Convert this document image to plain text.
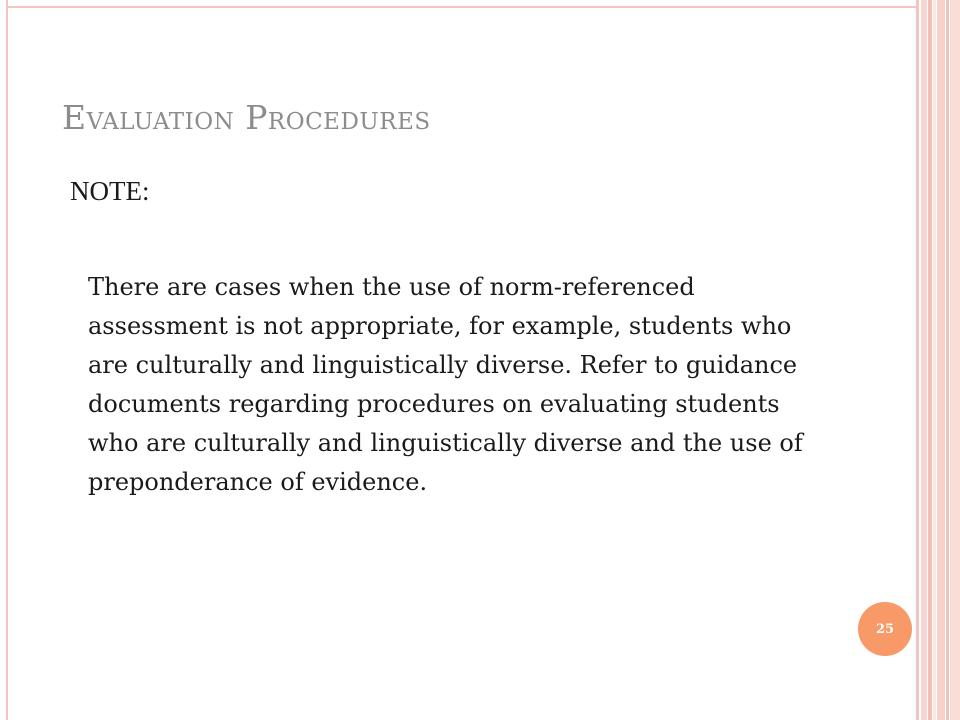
Evaluation Procedures
NOTE:

There are cases when the use of norm-referenced assessment is not appropriate, for example, students who are culturally and linguistically diverse. Refer to guidance documents regarding procedures on evaluating students who are culturally and linguistically diverse and the use of preponderance of evidence.

25
